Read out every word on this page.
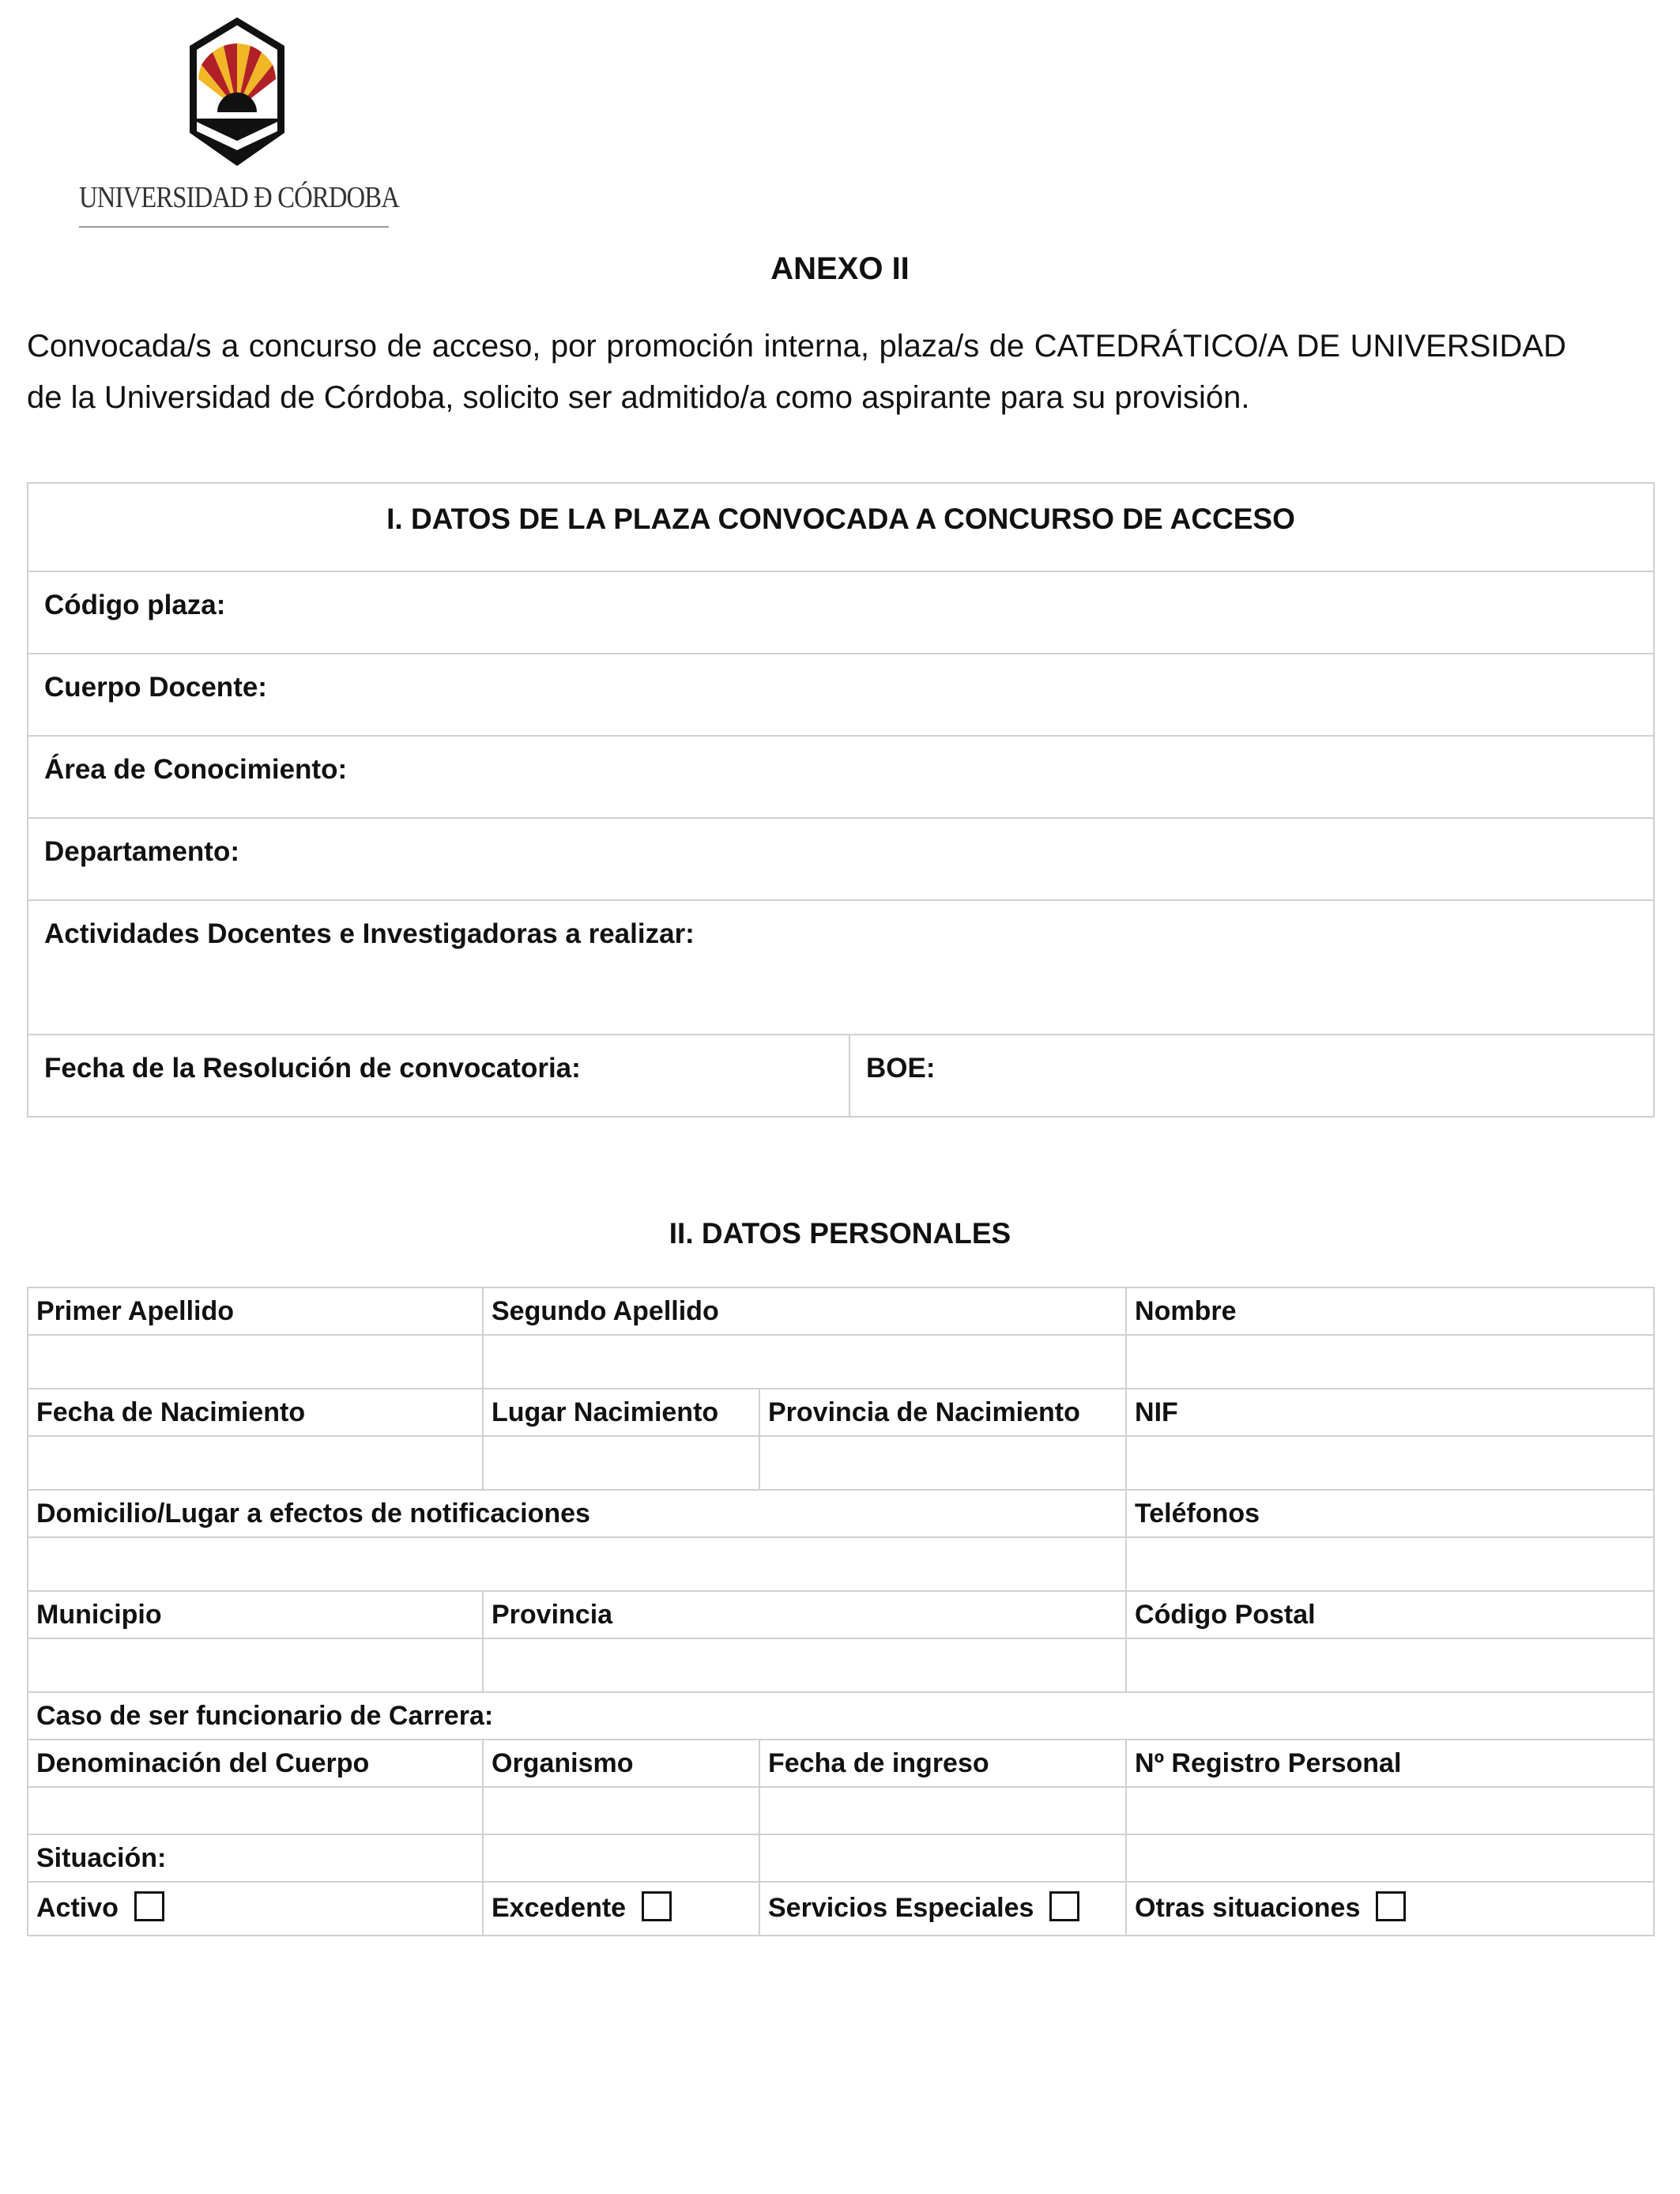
UNIVERSIDAD Đ CÓRDOBA
ANEXO II
Convocada/s a concurso de acceso, por promoción interna, plaza/s de CATEDRÁTICO/A DE UNIVERSIDAD de la Universidad de Córdoba, solicito ser admitido/a como aspirante para su provisión.
I. DATOS DE LA PLAZA CONVOCADA A CONCURSO DE ACCESO
Código plaza:
Cuerpo Docente:
Área de Conocimiento:
Departamento:
Actividades Docentes e Investigadoras a realizar:
Fecha de la Resolución de convocatoria:	BOE:
II. DATOS PERSONALES
Primer Apellido	Segundo Apellido		Nombre

Fecha de Nacimiento	Lugar Nacimiento	Provincia de Nacimiento	NIF

Domicilio/Lugar a efectos de notificaciones			Teléfonos

Municipio	Provincia		Código Postal

Caso de ser funcionario de Carrera:			
Denominación del Cuerpo	Organismo	Fecha de ingreso	Nº Registro Personal

Situación:			
Activo	Excedente	Servicios Especiales	Otras situaciones
